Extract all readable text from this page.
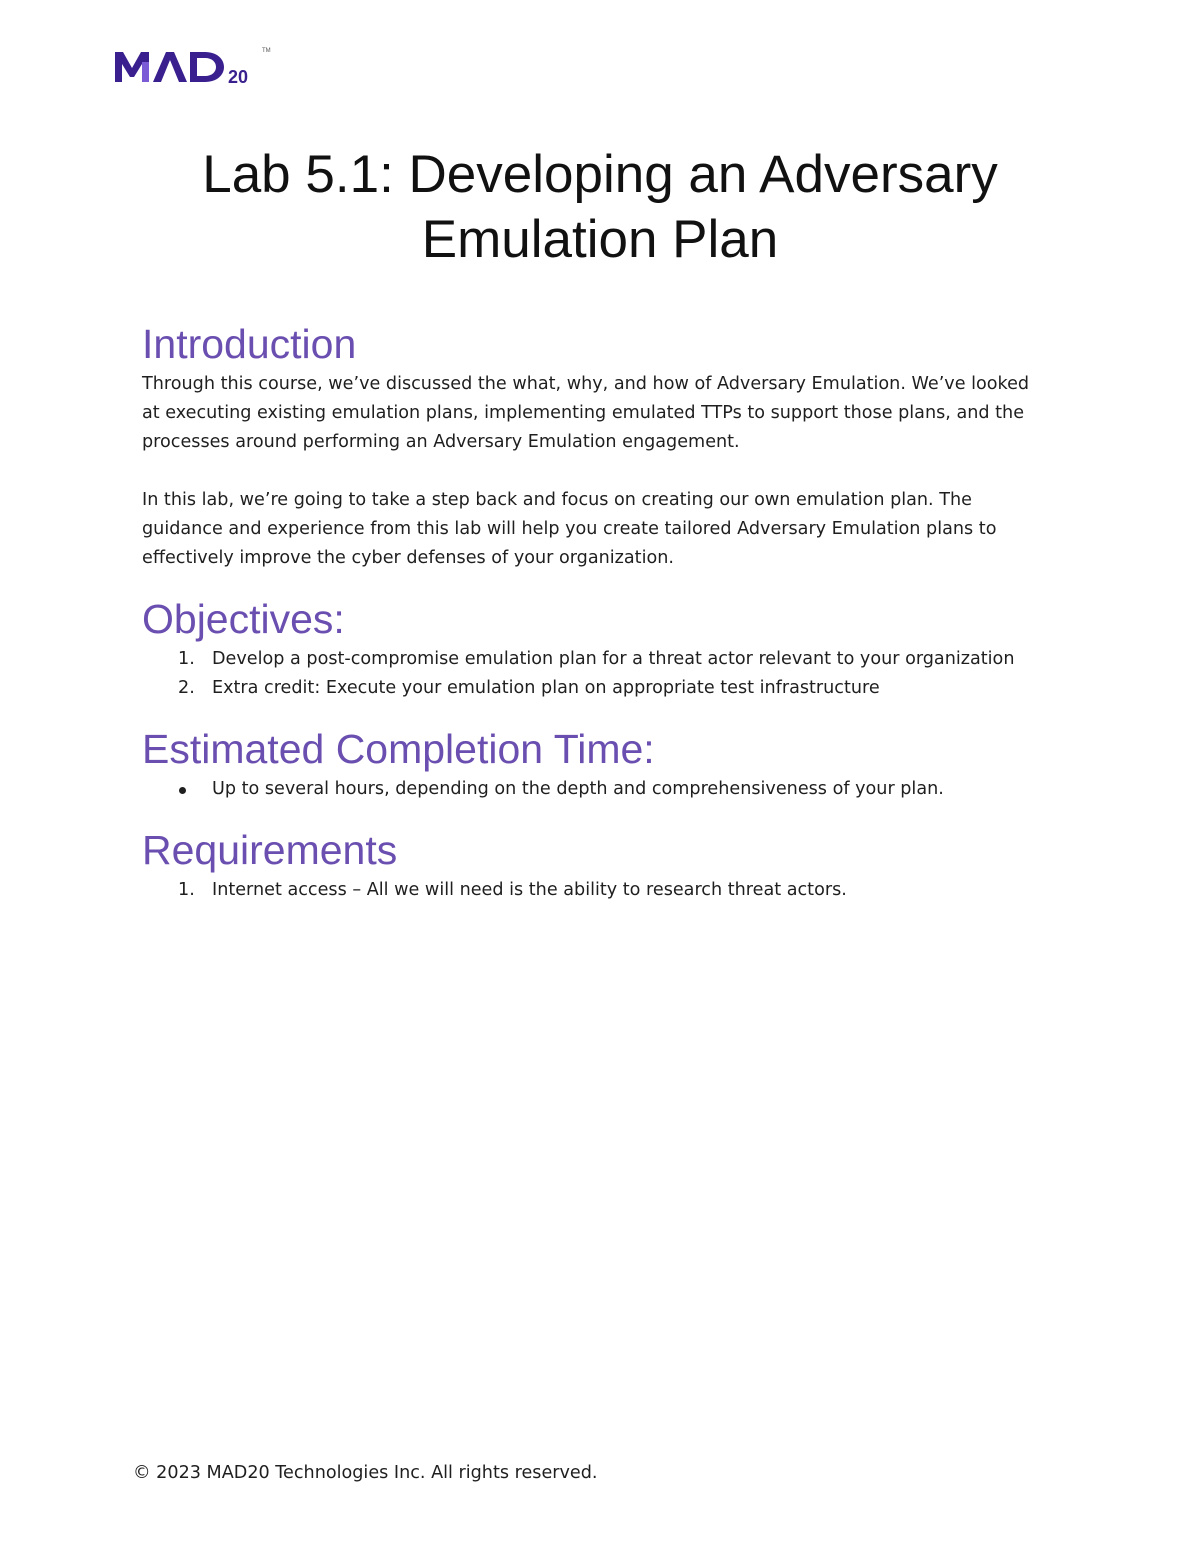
20
TM
Lab 5.1: Developing an Adversary
Emulation Plan
Introduction

Through this course, we’ve discussed the what, why, and how of Adversary Emulation. We’ve looked at executing existing emulation plans, implementing emulated TTPs to support those plans, and the processes around performing an Adversary Emulation engagement.

In this lab, we’re going to take a step back and focus on creating our own emulation plan. The guidance and experience from this lab will help you create tailored Adversary Emulation plans to effectively improve the cyber defenses of your organization.

Objectives:
1. Develop a post-compromise emulation plan for a threat actor relevant to your organization
2. Extra credit: Execute your emulation plan on appropriate test infrastructure
Estimated Completion Time:
Up to several hours, depending on the depth and comprehensiveness of your plan.
Requirements
1. Internet access – All we will need is the ability to research threat actors.
© 2023 MAD20 Technologies Inc. All rights reserved.
